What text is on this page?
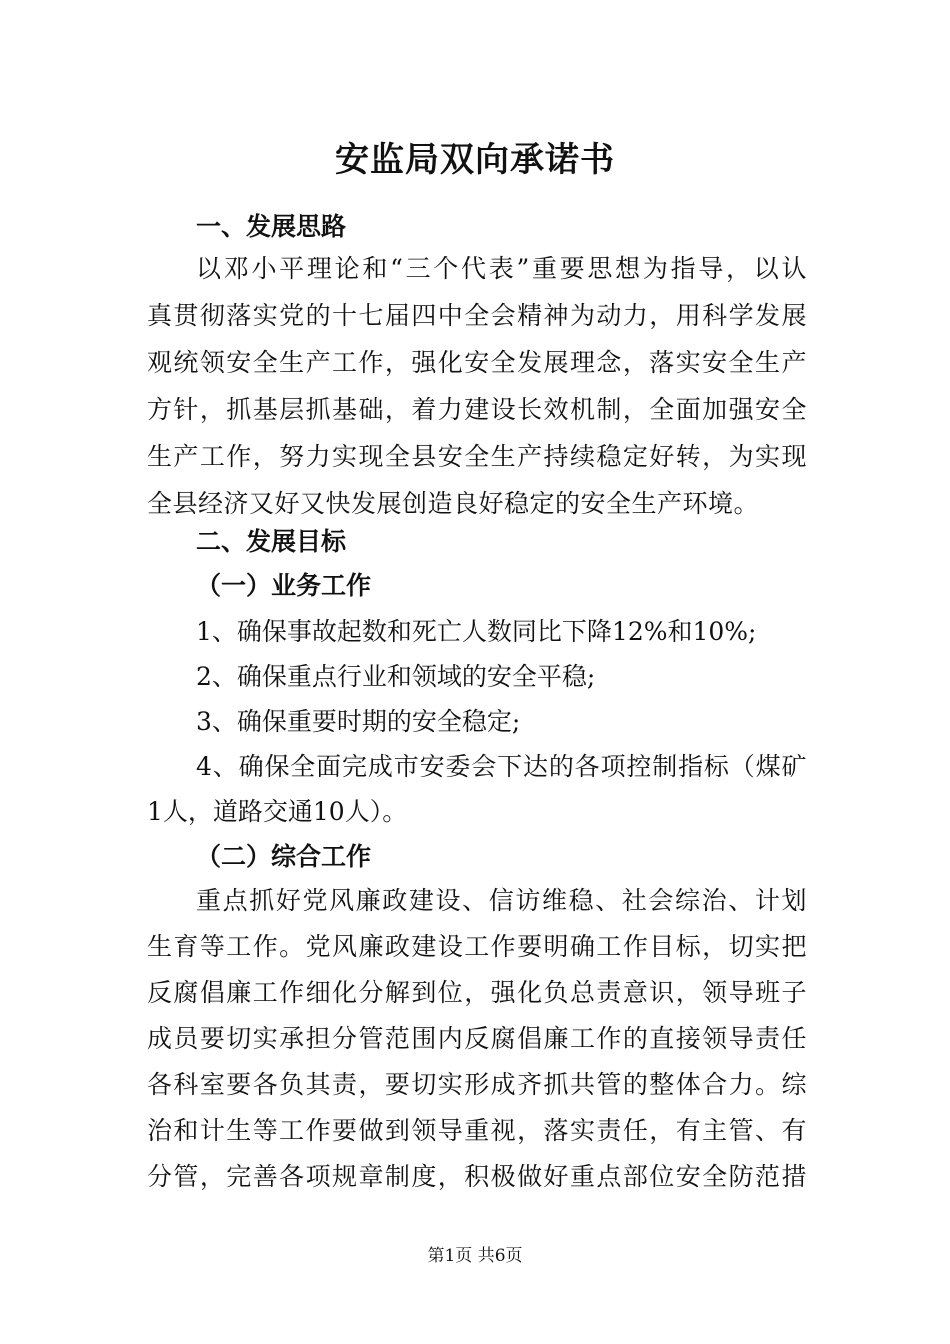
安监局双向承诺书
一、发展思路
以邓小平理论和“三个代表”重要思想为指导，以认
真贯彻落实党的十七届四中全会精神为动力，用科学发展
观统领安全生产工作，强化安全发展理念，落实安全生产
方针，抓基层抓基础，着力建设长效机制，全面加强安全
生产工作，努力实现全县安全生产持续稳定好转，为实现
全县经济又好又快发展创造良好稳定的安全生产环境。
二、发展目标
（一）业务工作
1、确保事故起数和死亡人数同比下降12%和10%;
2、确保重点行业和领域的安全平稳;
3、确保重要时期的安全稳定;
4、确保全面完成市安委会下达的各项控制指标（煤矿
1人，道路交通10人）。
（二）综合工作
重点抓好党风廉政建设、信访维稳、社会综治、计划
生育等工作。党风廉政建设工作要明确工作目标，切实把
反腐倡廉工作细化分解到位，强化负总责意识，领导班子
成员要切实承担分管范围内反腐倡廉工作的直接领导责任
各科室要各负其责，要切实形成齐抓共管的整体合力。综
治和计生等工作要做到领导重视，落实责任，有主管、有
分管，完善各项规章制度，积极做好重点部位安全防范措
第1页 共6页
